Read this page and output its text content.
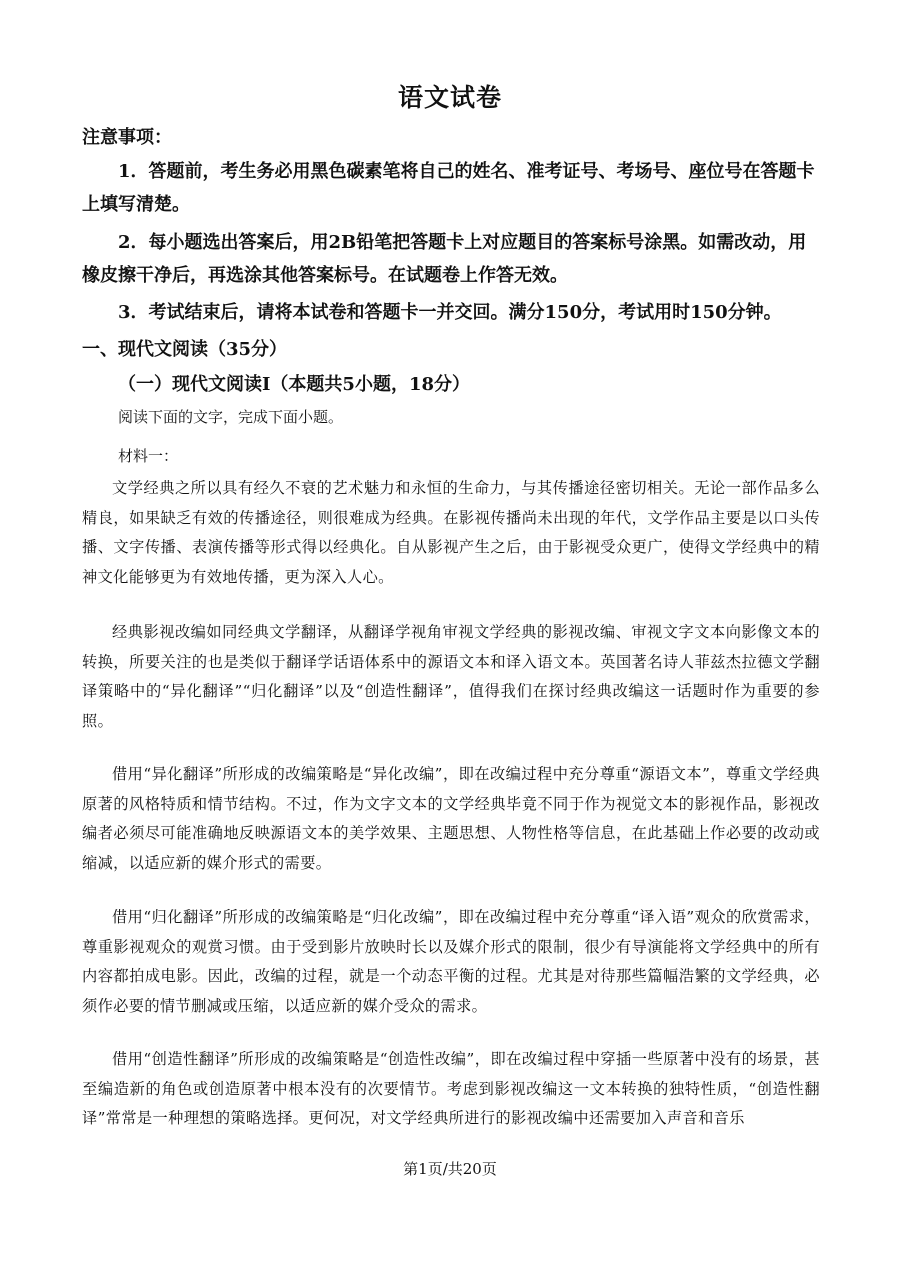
语文试卷
注意事项：

1．答题前，考生务必用黑色碳素笔将自己的姓名、准考证号、考场号、座位号在答题卡上填写清楚。

2．每小题选出答案后，用2B铅笔把答题卡上对应题目的答案标号涂黑。如需改动，用橡皮擦干净后，再选涂其他答案标号。在试题卷上作答无效。

3．考试结束后，请将本试卷和答题卡一并交回。满分150分，考试用时150分钟。

一、现代文阅读（35分）
（一）现代文阅读Ⅰ（本题共5小题，18分）
阅读下面的文字，完成下面小题。
材料一：

文学经典之所以具有经久不衰的艺术魅力和永恒的生命力，与其传播途径密切相关。无论一部作品多么精良，如果缺乏有效的传播途径，则很难成为经典。在影视传播尚未出现的年代，文学作品主要是以口头传播、文字传播、表演传播等形式得以经典化。自从影视产生之后，由于影视受众更广，使得文学经典中的精神文化能够更为有效地传播，更为深入人心。

经典影视改编如同经典文学翻译，从翻译学视角审视文学经典的影视改编、审视文字文本向影像文本的转换，所要关注的也是类似于翻译学话语体系中的源语文本和译入语文本。英国著名诗人菲兹杰拉德文学翻译策略中的“异化翻译”“归化翻译”以及“创造性翻译”，值得我们在探讨经典改编这一话题时作为重要的参照。

借用“异化翻译”所形成的改编策略是“异化改编”，即在改编过程中充分尊重“源语文本”，尊重文学经典原著的风格特质和情节结构。不过，作为文字文本的文学经典毕竟不同于作为视觉文本的影视作品，影视改编者必须尽可能准确地反映源语文本的美学效果、主题思想、人物性格等信息，在此基础上作必要的改动或缩减，以适应新的媒介形式的需要。

借用“归化翻译”所形成的改编策略是“归化改编”，即在改编过程中充分尊重“译入语”观众的欣赏需求，尊重影视观众的观赏习惯。由于受到影片放映时长以及媒介形式的限制，很少有导演能将文学经典中的所有内容都拍成电影。因此，改编的过程，就是一个动态平衡的过程。尤其是对待那些篇幅浩繁的文学经典，必须作必要的情节删减或压缩，以适应新的媒介受众的需求。

借用“创造性翻译”所形成的改编策略是“创造性改编”，即在改编过程中穿插一些原著中没有的场景，甚至编造新的角色或创造原著中根本没有的次要情节。考虑到影视改编这一文本转换的独特性质，“创造性翻译”常常是一种理想的策略选择。更何况，对文学经典所进行的影视改编中还需要加入声音和音乐

第1页/共20页
